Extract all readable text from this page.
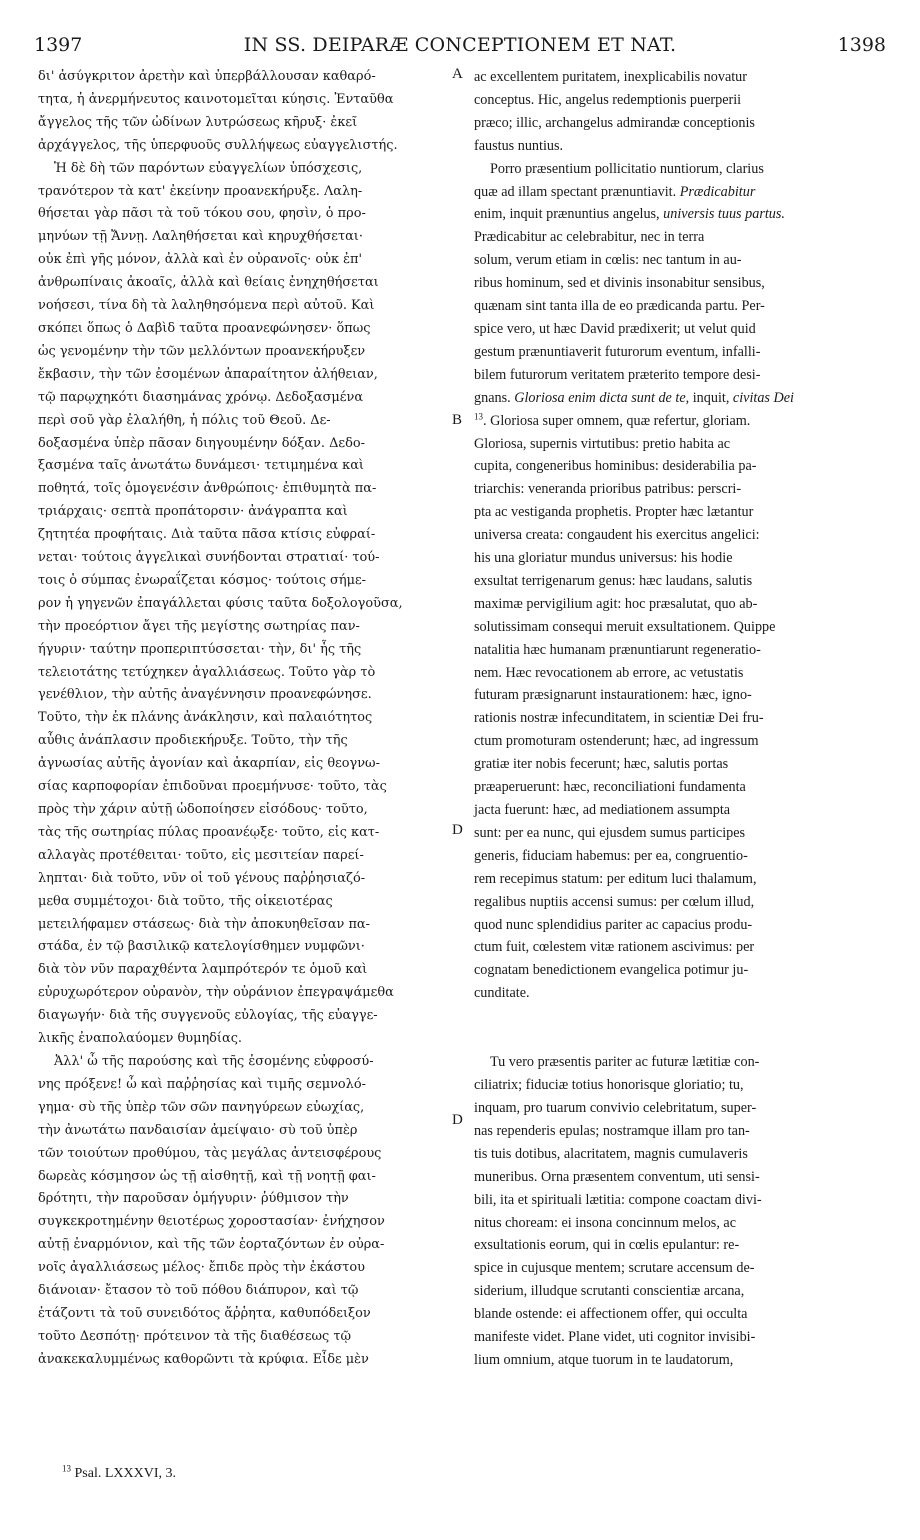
1397	IN SS. DEIPARÆ CONCEPTIONEM ET NAT.	1398
A
B
D
D
δι' ἀσύγκριτον ἀρετὴν καὶ ὑπερβάλλουσαν καθαρό-
τητα, ἡ ἀνερμήνευτος καινοτομεῖται κύησις. Ἐνταῦθα
ἄγγελος τῆς τῶν ὠδίνων λυτρώσεως κῆρυξ· ἐκεῖ
ἀρχάγγελος, τῆς ὑπερφυοῦς συλλήψεως εὐαγγελιστής.
Ἡ δὲ δὴ τῶν παρόντων εὐαγγελίων ὑπόσχεσις,
τρανότερον τὰ κατ' ἐκείνην προανεκήρυξε. Λαλη-
θήσεται γὰρ πᾶσι τὰ τοῦ τόκου σου, φησὶν, ὁ προ-
μηνύων τῇ Ἄννῃ. Λαληθήσεται καὶ κηρυχθήσεται·
οὐκ ἐπὶ γῆς μόνον, ἀλλὰ καὶ ἐν οὐρανοῖς· οὐκ ἐπ'
ἀνθρωπίναις ἀκοαῖς, ἀλλὰ καὶ θείαις ἐνηχηθήσεται
νοήσεσι, τίνα δὴ τὰ λαληθησόμενα περὶ αὐτοῦ. Καὶ
σκόπει ὅπως ὁ Δαβὶδ ταῦτα προανεφώνησεν· ὅπως
ὡς γενομένην τὴν τῶν μελλόντων προανεκήρυξεν
ἔκβασιν, τὴν τῶν ἐσομένων ἀπαραίτητον ἀλήθειαν,
τῷ παρῳχηκότι διασημάνας χρόνῳ. Δεδοξασμένα
περὶ σοῦ γὰρ ἐλαλήθη, ἡ πόλις τοῦ Θεοῦ. Δε-
δοξασμένα ὑπὲρ πᾶσαν διηγουμένην δόξαν. Δεδο-
ξασμένα ταῖς ἀνωτάτω δυνάμεσι· τετιμημένα καὶ
ποθητά, τοῖς ὁμογενέσιν ἀνθρώποις· ἐπιθυμητὰ πα-
τριάρχαις· σεπτὰ προπάτορσιν· ἀνάγραπτα καὶ
ζητητέα προφήταις. Διὰ ταῦτα πᾶσα κτίσις εὐφραί-
νεται· τούτοις ἀγγελικαὶ συνήδονται στρατιαί· τού-
τοις ὁ σύμπας ἐνωραΐζεται κόσμος· τούτοις σήμε-
ρον ἡ γηγενῶν ἐπαγάλλεται φύσις ταῦτα δοξολογοῦσα,
τὴν προεόρτιον ἄγει τῆς μεγίστης σωτηρίας παν-
ήγυριν· ταύτην προπεριπτύσσεται· τὴν, δι' ἧς τῆς
τελειοτάτης τετύχηκεν ἀγαλλιάσεως. Τοῦτο γὰρ τὸ
γενέθλιον, τὴν αὐτῆς ἀναγέννησιν προανεφώνησε.
Τοῦτο, τὴν ἐκ πλάνης ἀνάκλησιν, καὶ παλαιότητος
αὖθις ἀνάπλασιν προδιεκήρυξε. Τοῦτο, τὴν τῆς
ἀγνωσίας αὐτῆς ἀγονίαν καὶ ἀκαρπίαν, εἰς θεογνω-
σίας καρποφορίαν ἐπιδοῦναι προεμήνυσε· τοῦτο, τὰς
πρὸς τὴν χάριν αὐτῇ ὡδοποίησεν εἰσόδους· τοῦτο,
τὰς τῆς σωτηρίας πύλας προανέῳξε· τοῦτο, εἰς κατ-
αλλαγὰς προτέθειται· τοῦτο, εἰς μεσιτείαν παρεί-
ληπται· διὰ τοῦτο, νῦν οἱ τοῦ γένους παῤῥησιαζό-
μεθα συμμέτοχοι· διὰ τοῦτο, τῆς οἰκειοτέρας
μετειλήφαμεν στάσεως· διὰ τὴν ἀποκυηθεῖσαν πα-
στάδα, ἐν τῷ βασιλικῷ κατελογίσθημεν νυμφῶνι·
διὰ τὸν νῦν παραχθέντα λαμπρότερόν τε ὁμοῦ καὶ
εὐρυχωρότερον οὐρανὸν, τὴν οὐράνιον ἐπεγραψάμεθα
διαγωγήν· διὰ τῆς συγγενοῦς εὐλογίας, τῆς εὐαγγε-
λικῆς ἐναπολαύομεν θυμηδίας.
Ἀλλ' ὦ τῆς παρούσης καὶ τῆς ἐσομένης εὐφροσύ-
νης πρόξενε! ὦ καὶ παῤῥησίας καὶ τιμῆς σεμνολό-
γημα· σὺ τῆς ὑπὲρ τῶν σῶν πανηγύρεων εὐωχίας,
τὴν ἀνωτάτω πανδαισίαν ἀμείψαιο· σὺ τοῦ ὑπὲρ
τῶν τοιούτων προθύμου, τὰς μεγάλας ἀντεισφέρους
δωρεὰς κόσμησον ὡς τῇ αἰσθητῇ, καὶ τῇ νοητῇ φαι-
δρότητι, τὴν παροῦσαν ὁμήγυριν· ῥύθμισον τὴν
συγκεκροτημένην θειοτέρως χοροστασίαν· ἐνήχησον
αὐτῇ ἐναρμόνιον, καὶ τῆς τῶν ἑορταζόντων ἐν οὐρα-
νοῖς ἀγαλλιάσεως μέλος· ἔπιδε πρὸς τὴν ἑκάστου
διάνοιαν· ἔτασον τὸ τοῦ πόθου διάπυρον, καὶ τῷ
ἐτάζοντι τὰ τοῦ συνειδότος ἄῤῥητα, καθυπόδειξον
τοῦτο Δεσπότῃ· πρότεινον τὰ τῆς διαθέσεως τῷ
ἀνακεκαλυμμένως καθορῶντι τὰ κρύφια. Εἶδε μὲν
ac excellentem puritatem, inexplicabilis novatur
conceptus. Hic, angelus redemptionis puerperii
præco; illic, archangelus admirandæ conceptionis
faustus nuntius.
Porro præsentium pollicitatio nuntiorum, clarius
quæ ad illam spectant prænuntiavit. Prædicabitur
enim, inquit prænuntius angelus, universis tuus partus.
Prædicabitur ac celebrabitur, nec in terra
solum, verum etiam in cœlis: nec tantum in au-
ribus hominum, sed et divinis insonabitur sensibus,
quænam sint tanta illa de eo prædicanda partu. Per-
spice vero, ut hæc David prædixerit; ut velut quid
gestum prænuntiaverit futurorum eventum, infalli-
bilem futurorum veritatem præterito tempore desi-
gnans. Gloriosa enim dicta sunt de te, inquit, civitas Dei
$^{13}$. Gloriosa super omnem, quæ refertur, gloriam.
Gloriosa, supernis virtutibus: pretio habita ac
cupita, congeneribus hominibus: desiderabilia pa-
triarchis: veneranda prioribus patribus: perscri-
pta ac vestiganda prophetis. Propter hæc lætantur
universa creata: congaudent his exercitus angelici:
his una gloriatur mundus universus: his hodie
exsultat terrigenarum genus: hæc laudans, salutis
maximæ pervigilium agit: hoc præsalutat, quo ab-
solutissimam consequi meruit exsultationem. Quippe
natalitia hæc humanam prænuntiarunt regeneratio-
nem. Hæc revocationem ab errore, ac vetustatis
futuram præsignarunt instaurationem: hæc, igno-
rationis nostræ infecunditatem, in scientiæ Dei fru-
ctum promoturam ostenderunt; hæc, ad ingressum
gratiæ iter nobis fecerunt; hæc, salutis portas
præaperuerunt: hæc, reconciliationi fundamenta
jacta fuerunt: hæc, ad mediationem assumpta
sunt: per ea nunc, qui ejusdem sumus participes
generis, fiduciam habemus: per ea, congruentio-
rem recepimus statum: per editum luci thalamum,
regalibus nuptiis accensi sumus: per cœlum illud,
quod nunc splendidius pariter ac capacius produ-
ctum fuit, cœlestem vitæ rationem ascivimus: per
cognatam benedictionem evangelica potimur ju-
cunditate.
Tu vero præsentis pariter ac futuræ lætitiæ con-
ciliatrix; fiduciæ totius honorisque gloriatio; tu,
inquam, pro tuarum convivio celebritatum, super-
nas rependeris epulas; nostramque illam pro tan-
tis tuis dotibus, alacritatem, magnis cumulaveris
muneribus. Orna præsentem conventum, uti sensi-
bili, ita et spirituali lætitia: compone coactam divi-
nitus choream: ei insona concinnum melos, ac
exsultationis eorum, qui in cœlis epulantur: re-
spice in cujusque mentem; scrutare accensum de-
siderium, illudque scrutanti conscientiæ arcana,
blande ostende: ei affectionem offer, qui occulta
manifeste videt. Plane videt, uti cognitor invisibi-
lium omnium, atque tuorum in te laudatorum,
$^{13}$ Psal. LXXXVI, 3.
